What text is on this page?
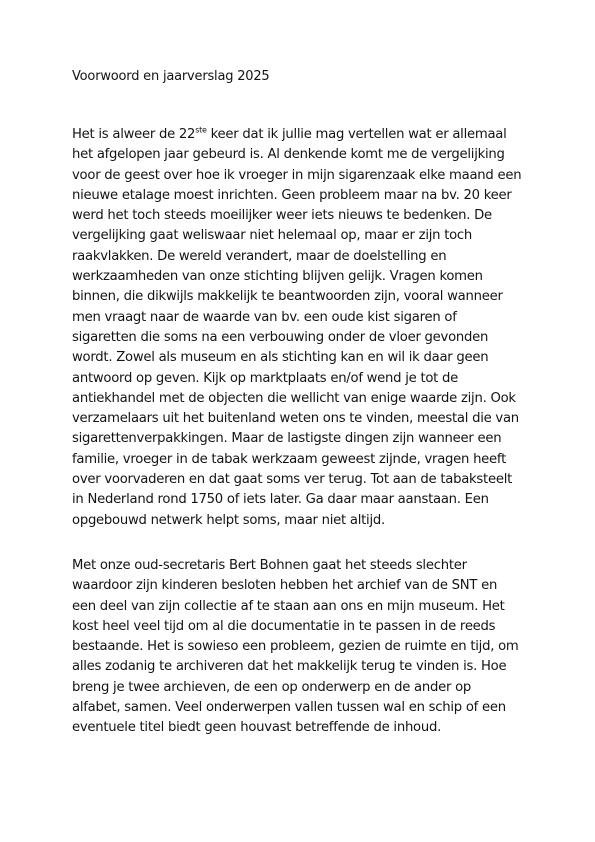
Voorwoord en jaarverslag 2025
Het is alweer de 22ste keer dat ik jullie mag vertellen wat er allemaal
het afgelopen jaar gebeurd is. Al denkende komt me de vergelijking
voor de geest over hoe ik vroeger in mijn sigarenzaak elke maand een
nieuwe etalage moest inrichten. Geen probleem maar na bv. 20 keer
werd het toch steeds moeilijker weer iets nieuws te bedenken. De
vergelijking gaat weliswaar niet helemaal op, maar er zijn toch
raakvlakken. De wereld verandert, maar de doelstelling en
werkzaamheden van onze stichting blijven gelijk. Vragen komen
binnen, die dikwijls makkelijk te beantwoorden zijn, vooral wanneer
men vraagt naar de waarde van bv. een oude kist sigaren of
sigaretten die soms na een verbouwing onder de vloer gevonden
wordt. Zowel als museum en als stichting kan en wil ik daar geen
antwoord op geven. Kijk op marktplaats en/of wend je tot de
antiekhandel met de objecten die wellicht van enige waarde zijn. Ook
verzamelaars uit het buitenland weten ons te vinden, meestal die van
sigarettenverpakkingen. Maar de lastigste dingen zijn wanneer een
familie, vroeger in de tabak werkzaam geweest zijnde, vragen heeft
over voorvaderen en dat gaat soms ver terug. Tot aan de tabaksteelt
in Nederland rond 1750 of iets later. Ga daar maar aanstaan. Een
opgebouwd netwerk helpt soms, maar niet altijd.
Met onze oud-secretaris Bert Bohnen gaat het steeds slechter
waardoor zijn kinderen besloten hebben het archief van de SNT en
een deel van zijn collectie af te staan aan ons en mijn museum. Het
kost heel veel tijd om al die documentatie in te passen in de reeds
bestaande. Het is sowieso een probleem, gezien de ruimte en tijd, om
alles zodanig te archiveren dat het makkelijk terug te vinden is. Hoe
breng je twee archieven, de een op onderwerp en de ander op
alfabet, samen. Veel onderwerpen vallen tussen wal en schip of een
eventuele titel biedt geen houvast betreffende de inhoud.
